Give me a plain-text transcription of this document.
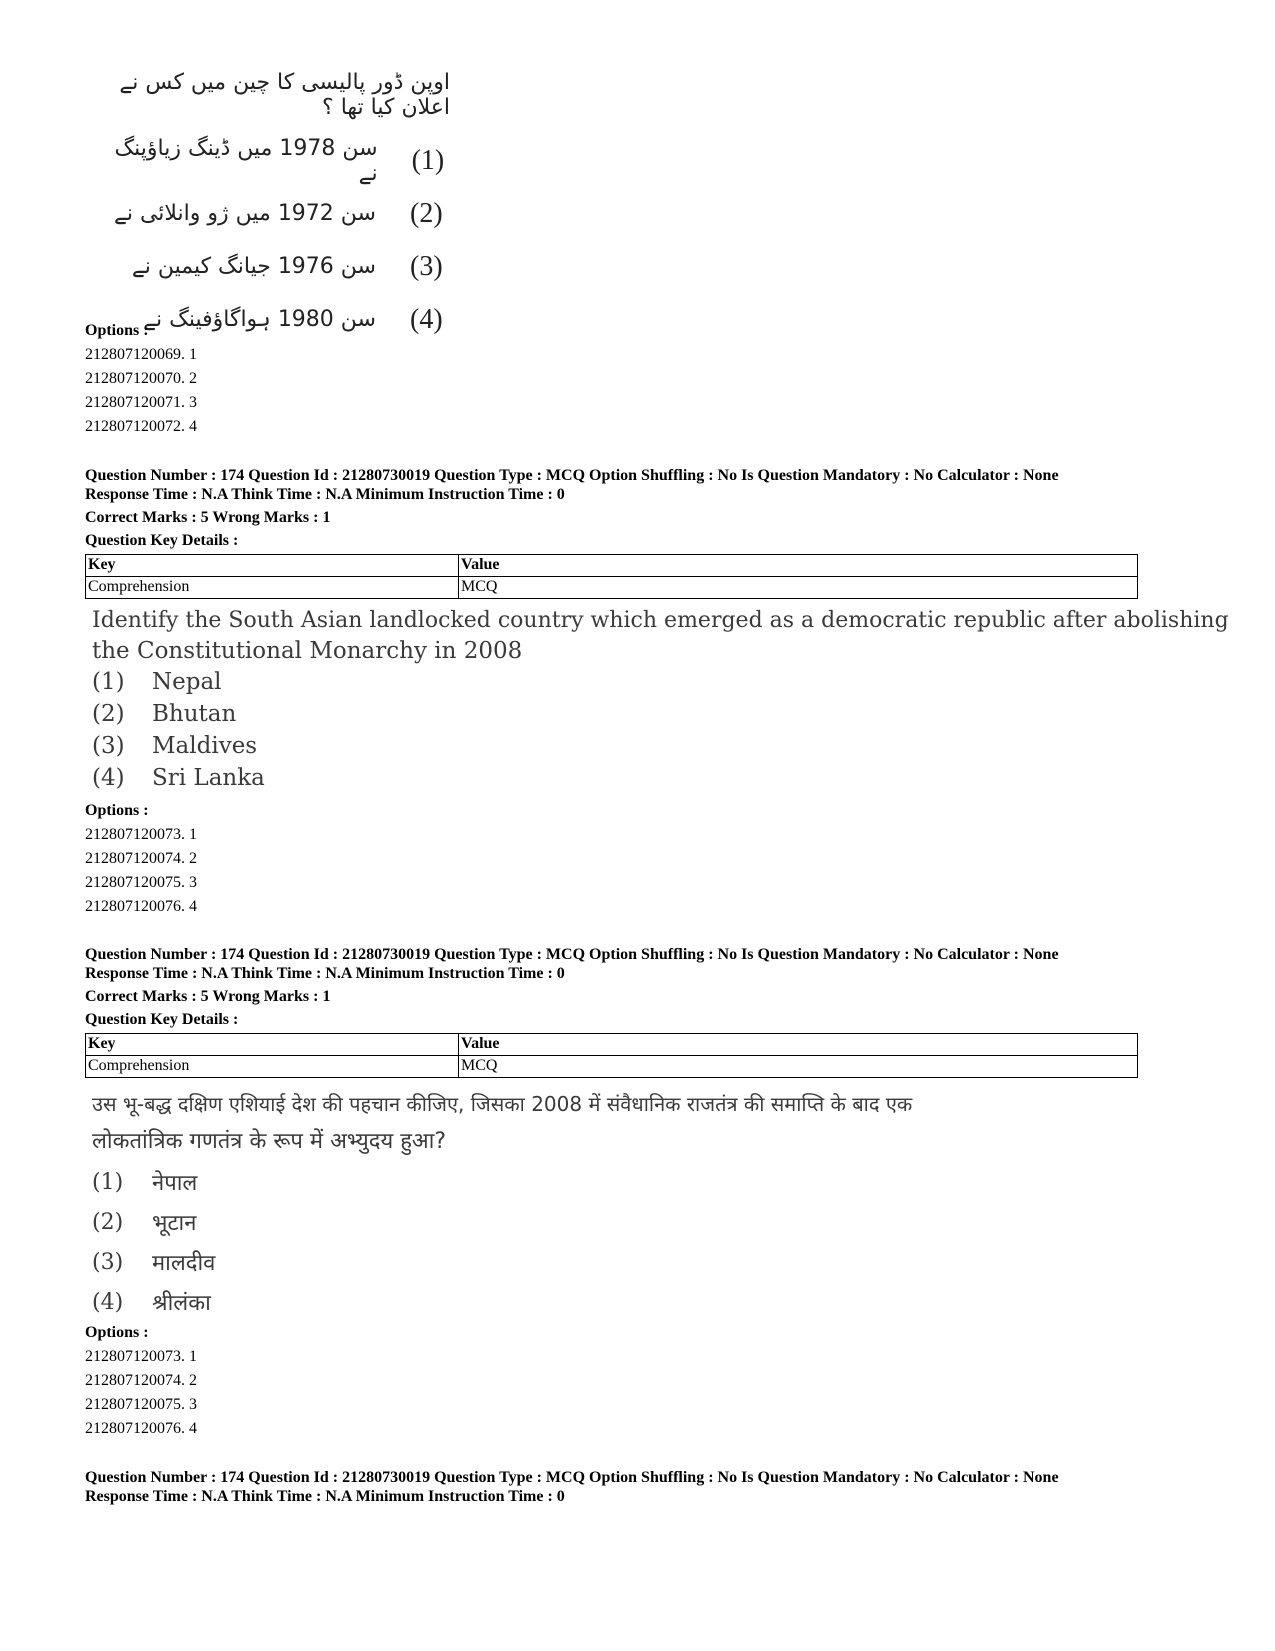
اوپن ڈور پالیسی کا چین میں کس نے اعلان کیا تھا ؟
سن 1978 میں ڈینگ زیاؤپنگ نے (1)
سن 1972 میں ژو وانلائی نے (2)
سن 1976 جیانگ کیمین نے (3)
سن 1980 ہواگاؤفینگ نے (4)
Options :
212807120069. 1
212807120070. 2
212807120071. 3
212807120072. 4
Question Number : 174 Question Id : 21280730019 Question Type : MCQ Option Shuffling : No Is Question Mandatory : No Calculator : None
Response Time : N.A Think Time : N.A Minimum Instruction Time : 0
Correct Marks : 5 Wrong Marks : 1
Question Key Details :
Key	Value
Comprehension	MCQ
Identify the South Asian landlocked country which emerged as a democratic republic after abolishing
the Constitutional Monarchy in 2008
(1)	Nepal
(2)	Bhutan
(3)	Maldives
(4)	Sri Lanka
Options :
212807120073. 1
212807120074. 2
212807120075. 3
212807120076. 4
Question Number : 174 Question Id : 21280730019 Question Type : MCQ Option Shuffling : No Is Question Mandatory : No Calculator : None
Response Time : N.A Think Time : N.A Minimum Instruction Time : 0
Correct Marks : 5 Wrong Marks : 1
Question Key Details :
Key	Value
Comprehension	MCQ
उस भू-बद्ध दक्षिण एशियाई देश की पहचान कीजिए, जिसका 2008 में संवैधानिक राजतंत्र की समाप्ति के बाद एक
लोकतांत्रिक गणतंत्र के रूप में अभ्युदय हुआ?
(1)	नेपाल
(2)	भूटान
(3)	मालदीव
(4)	श्रीलंका
Options :
212807120073. 1
212807120074. 2
212807120075. 3
212807120076. 4
Question Number : 174 Question Id : 21280730019 Question Type : MCQ Option Shuffling : No Is Question Mandatory : No Calculator : None
Response Time : N.A Think Time : N.A Minimum Instruction Time : 0
